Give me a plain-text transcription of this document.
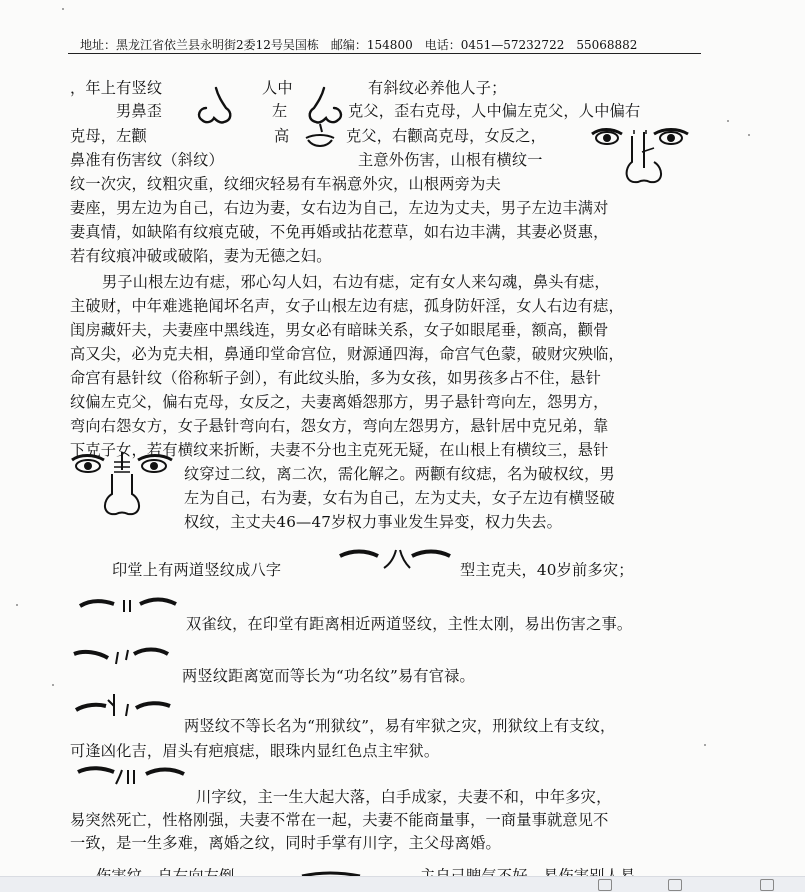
地址：黑龙江省依兰县永明街2委12号吴国栋　邮编：154800　电话：0451—57232722　55068882
，年上有竖纹	人中	有斜纹必养他人子；
男鼻歪	左	克父，歪右克母，人中偏左克父，人中偏右
克母，左颧	高	克父，右颧高克母，女反之，
鼻准有伤害纹（斜纹）	主意外伤害，山根有横纹一
纹一次灾，纹粗灾重，纹细灾轻易有车祸意外灾，山根两旁为夫
妻座，男左边为自己，右边为妻，女右边为自己，左边为丈夫，男子左边丰满对
妻真情，如缺陷有纹痕克破，不免再婚或拈花惹草，如右边丰满，其妻必贤惠，
若有纹痕冲破或破陷，妻为无德之妇。
男子山根左边有痣，邪心勾人妇，右边有痣，定有女人来勾魂，鼻头有痣，
主破财，中年难逃艳闻坏名声，女子山根左边有痣，孤身防奸淫，女人右边有痣，
闺房藏奸夫，夫妻座中黑线连，男女必有暗昧关系，女子如眼尾垂，额高，颧骨
高又尖，必为克夫相，鼻通印堂命宫位，财源通四海，命宫气色蒙，破财灾殃临，
命宫有悬针纹（俗称斩子剑），有此纹头胎，多为女孩，如男孩多占不住，悬针
纹偏左克父，偏右克母，女反之，夫妻离婚怨那方，男子悬针弯向左，怨男方，
弯向右怨女方，女子悬针弯向右，怨女方，弯向左怨男方，悬针居中克兄弟，靠
下克子女，若有横纹来折断，夫妻不分也主克死无疑，在山根上有横纹三，悬针
纹穿过二纹，离二次，需化解之。两颧有纹痣，名为破权纹，男
左为自己，右为妻，女右为自己，左为丈夫，女子左边有横竖破
权纹，主丈夫46—47岁权力事业发生异变，权力失去。
印堂上有两道竖纹成八字	型主克夫，40岁前多灾；
双雀纹，在印堂有距离相近两道竖纹，主性太刚，易出伤害之事。
两竖纹距离宽而等长为“功名纹”易有官禄。
两竖纹不等长名为“刑狱纹”，易有牢狱之灾，刑狱纹上有支纹，
可逢凶化吉，眉头有疤痕痣，眼珠内显红色点主牢狱。
川字纹，主一生大起大落，白手成家，夫妻不和，中年多灾，
易突然死亡，性格刚强，夫妻不常在一起，夫妻不能商量事，一商量事就意见不
一致，是一生多难，离婚之纹，同时手掌有川字，主父母离婚。
